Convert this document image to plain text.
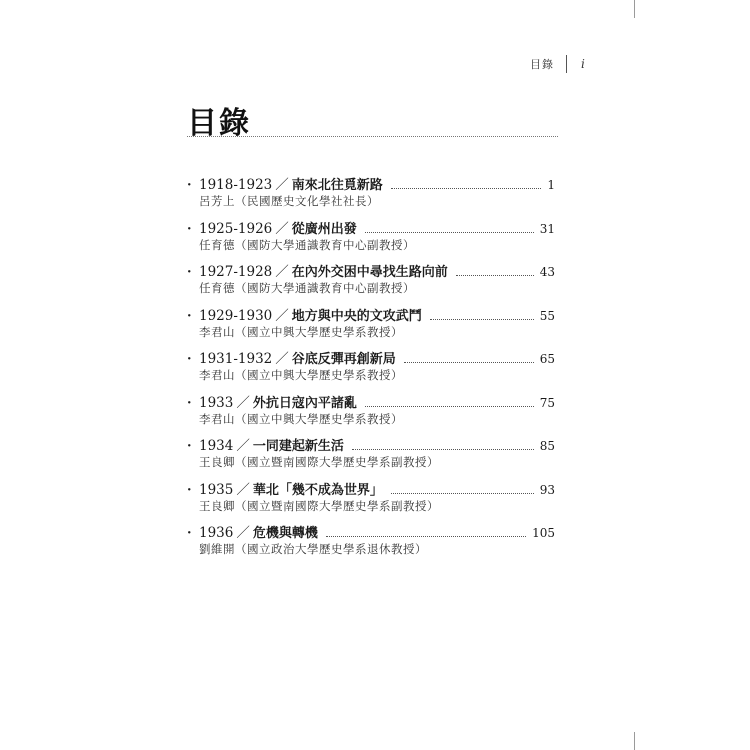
目錄 i
目錄
· 1918-1923 ／ 南來北往覓新路	1
呂芳上（民國歷史文化學社社長）
· 1925-1926 ／ 從廣州出發	31
任育德（國防大學通識教育中心副教授）
· 1927-1928 ／ 在內外交困中尋找生路向前	43
任育德（國防大學通識教育中心副教授）
· 1929-1930 ／ 地方與中央的文攻武鬥	55
李君山（國立中興大學歷史學系教授）
· 1931-1932 ／ 谷底反彈再創新局	65
李君山（國立中興大學歷史學系教授）
· 1933 ／ 外抗日寇內平諸亂	75
李君山（國立中興大學歷史學系教授）
· 1934 ／ 一同建起新生活	85
王良卿（國立暨南國際大學歷史學系副教授）
· 1935 ／ 華北「幾不成為世界」	93
王良卿（國立暨南國際大學歷史學系副教授）
· 1936 ／ 危機與轉機	105
劉維開（國立政治大學歷史學系退休教授）
